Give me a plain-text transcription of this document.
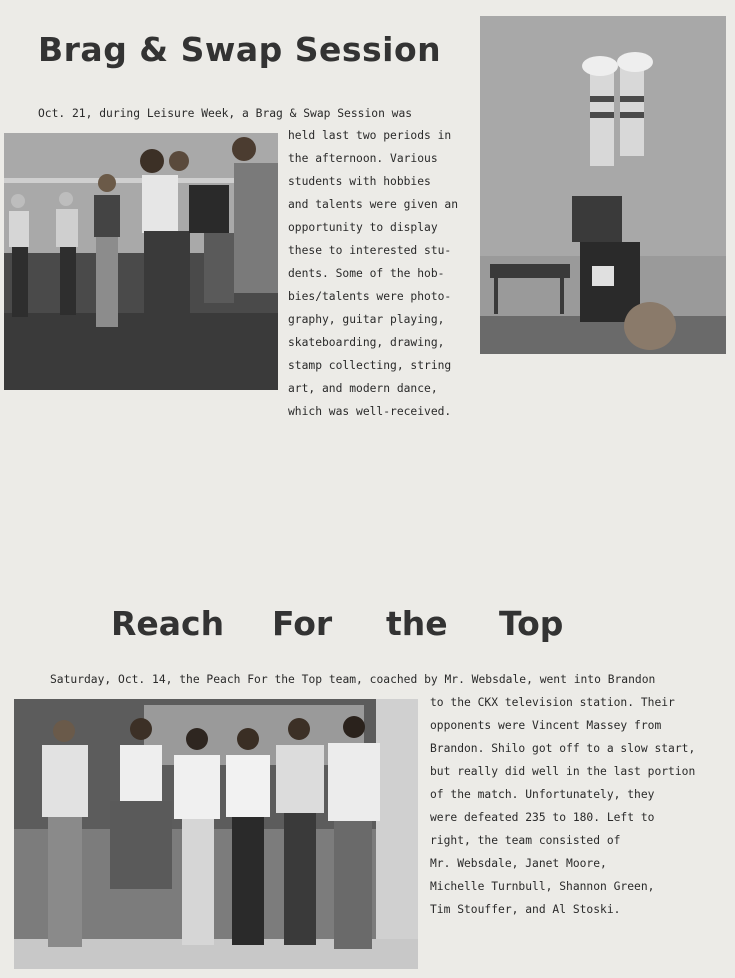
Brag & Swap Session

Oct. 21, during Leisure Week, a Brag & Swap Session was

held last two periods in

the afternoon. Various

students with hobbies

and talents were given an

opportunity to display

these to interested stu-

dents. Some of the hob-

bies/talents were photo-

graphy, guitar playing,

skateboarding, drawing,

stamp collecting, string

art, and modern dance,

which was well-received.

Reach For the Top

Saturday, Oct. 14, the Peach For the Top team, coached by Mr. Websdale, went into Brandon

to the CKX television station. Their

opponents were Vincent Massey from

Brandon. Shilo got off to a slow start,

but really did well in the last portion

of the match. Unfortunately, they

were defeated 235 to 180. Left to

right, the team consisted of

Mr. Websdale, Janet Moore,

Michelle Turnbull, Shannon Green,

Tim Stouffer, and Al Stoski.
